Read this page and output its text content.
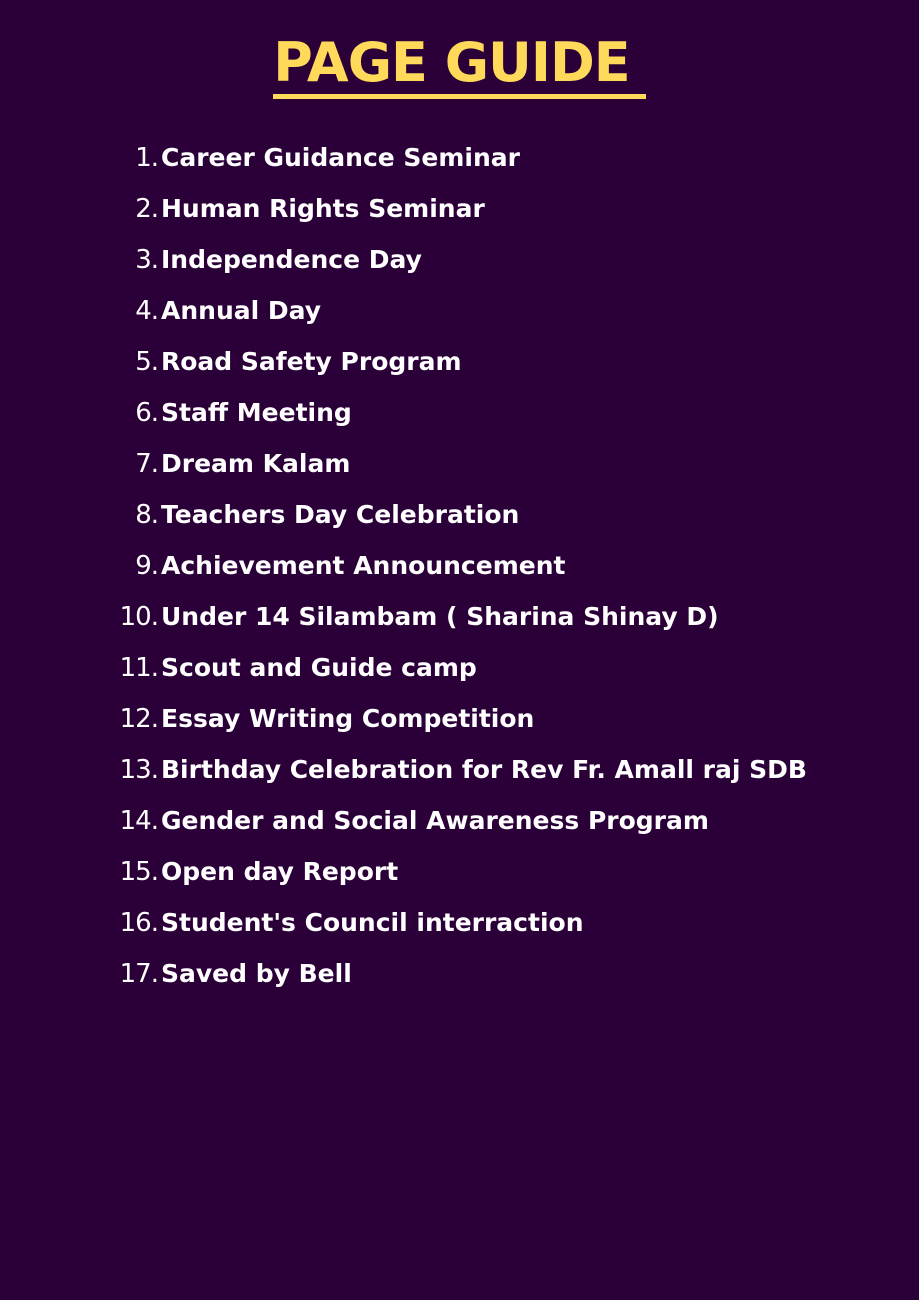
PAGE GUIDE
1. Career Guidance Seminar
2. Human Rights Seminar
3. Independence Day
4. Annual Day
5. Road Safety Program
6. Staff Meeting
7. Dream Kalam
8. Teachers Day Celebration
9. Achievement Announcement
10. Under 14 Silambam ( Sharina Shinay D)
11. Scout and Guide camp
12. Essay Writing Competition
13. Birthday Celebration for Rev Fr. Amall raj SDB
14. Gender and Social Awareness Program
15. Open day Report
16. Student's Council interraction
17. Saved by Bell
